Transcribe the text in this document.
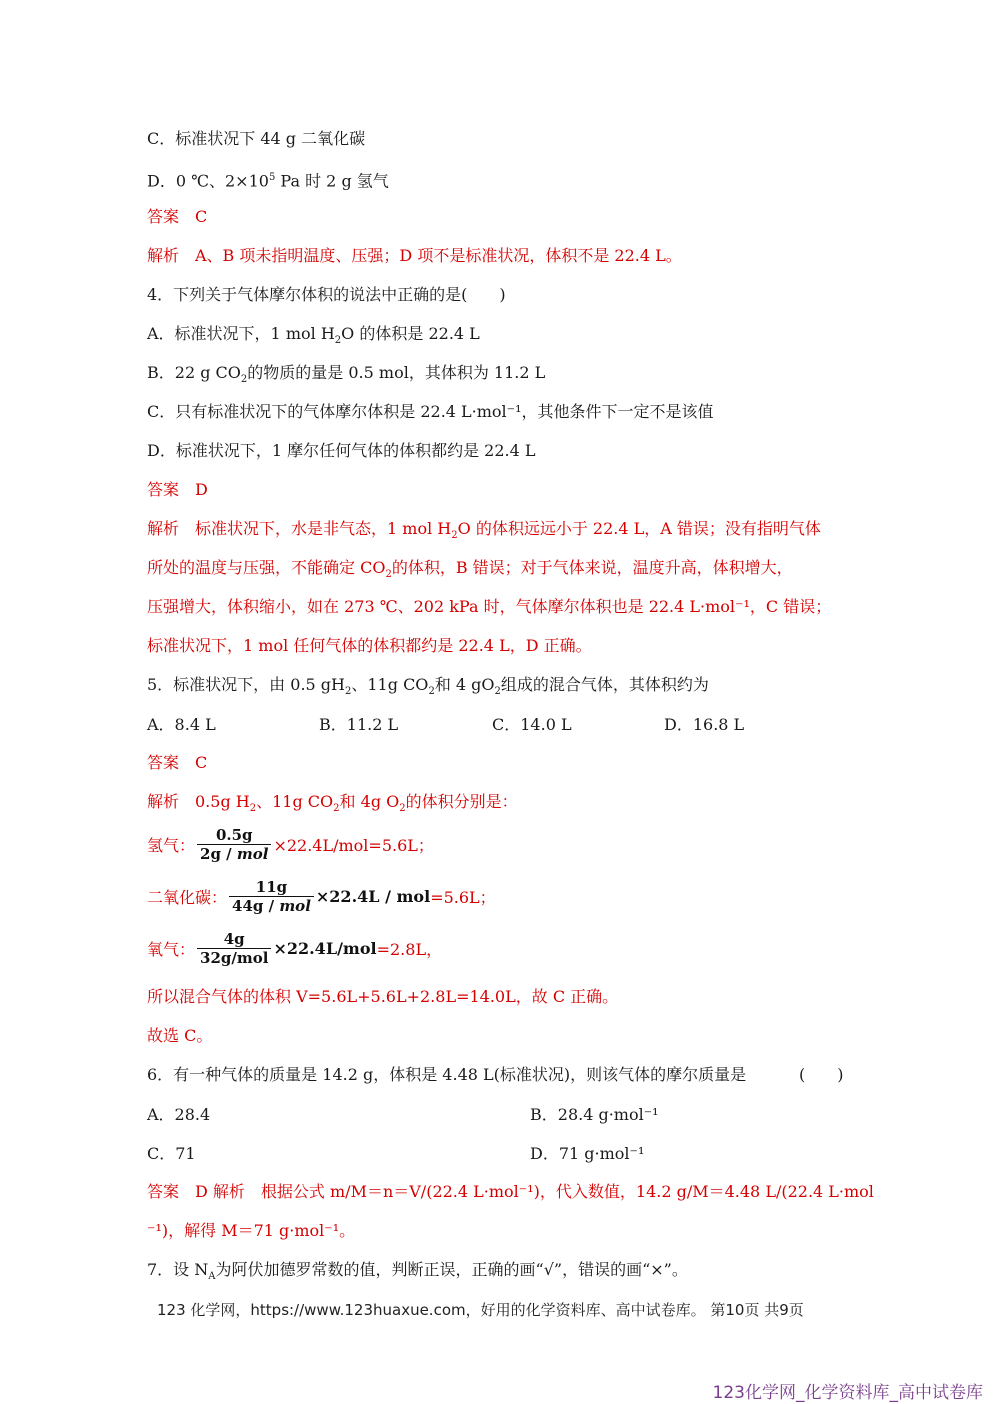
C．标准状况下 44 g 二氧化碳
D．0 ℃、$2\times 10^5$ Pa 时 2 g 氢气
答案　C
解析　A、B 项未指明温度、压强；D 项不是标准状况，体积不是 22.4 L。
4．下列关于气体摩尔体积的说法中正确的是(　　)
A．标准状况下，1 mol $H_2O$ 的体积是 22.4 L
B．22 g $CO_2$的物质的量是 0.5 mol，其体积为 11.2 L
C．只有标准状况下的气体摩尔体积是 22.4 L·mol⁻¹，其他条件下一定不是该值
D．标准状况下，1 摩尔任何气体的体积都约是 22.4 L
答案　D
解析　标准状况下，水是非气态，1 mol $H_2O$ 的体积远远小于 22.4 L，A 错误；没有指明气体
所处的温度与压强，不能确定 $CO_2$的体积，B 错误；对于气体来说，温度升高，体积增大，
压强增大，体积缩小，如在 273 ℃、202 kPa 时，气体摩尔体积也是 22.4 L·mol⁻¹，C 错误；
标准状况下，1 mol 任何气体的体积都约是 22.4 L，D 正确。
5．标准状况下，由 0.5 $gH_2$、11g $CO_2$和 4 $gO_2$组成的混合气体，其体积约为
A．8.4 L	B．11.2 L	C．14.0 L	D．16.8 L
答案　C
解析　0.5g $H_2$、11g $CO_2$和 4g $O_2$的体积分别是：
氢气： $\frac{0.5g}{\text{2g / mol}} \times 22.4L/mol=5.6L$；
二氧化碳： $\frac{11g}{\text{44g / mol}} \times 22.4L$ / mol =5.6L；
氧气： $\frac{4g}{\text{32g/mol}} \times 22.4L/mol =2.8L$，
所以混合气体的体积 V=5.6L+5.6L+2.8L=14.0L，故 C 正确。
故选 C。
6．有一种气体的质量是 14.2 g，体积是 4.48 L(标准状况)，则该气体的摩尔质量是	(　　)
A．28.4	B．28.4 g·mol⁻¹
C．71	D．71 g·mol⁻¹
答案　D 解析　根据公式 m/M＝n＝V/(22.4 L·mol⁻¹)，代入数值，14.2 g/M＝4.48 L/(22.4 L·mol
⁻¹)，解得 M＝71 g·mol⁻¹。
7．设 $N_A$为阿伏加德罗常数的值，判断正误，正确的画“√”，错误的画“×”。
123 化学网，https://www.123huaxue.com，好用的化学资料库、高中试卷库。 第10页 共9页
123化学网_化学资料库_高中试卷库
